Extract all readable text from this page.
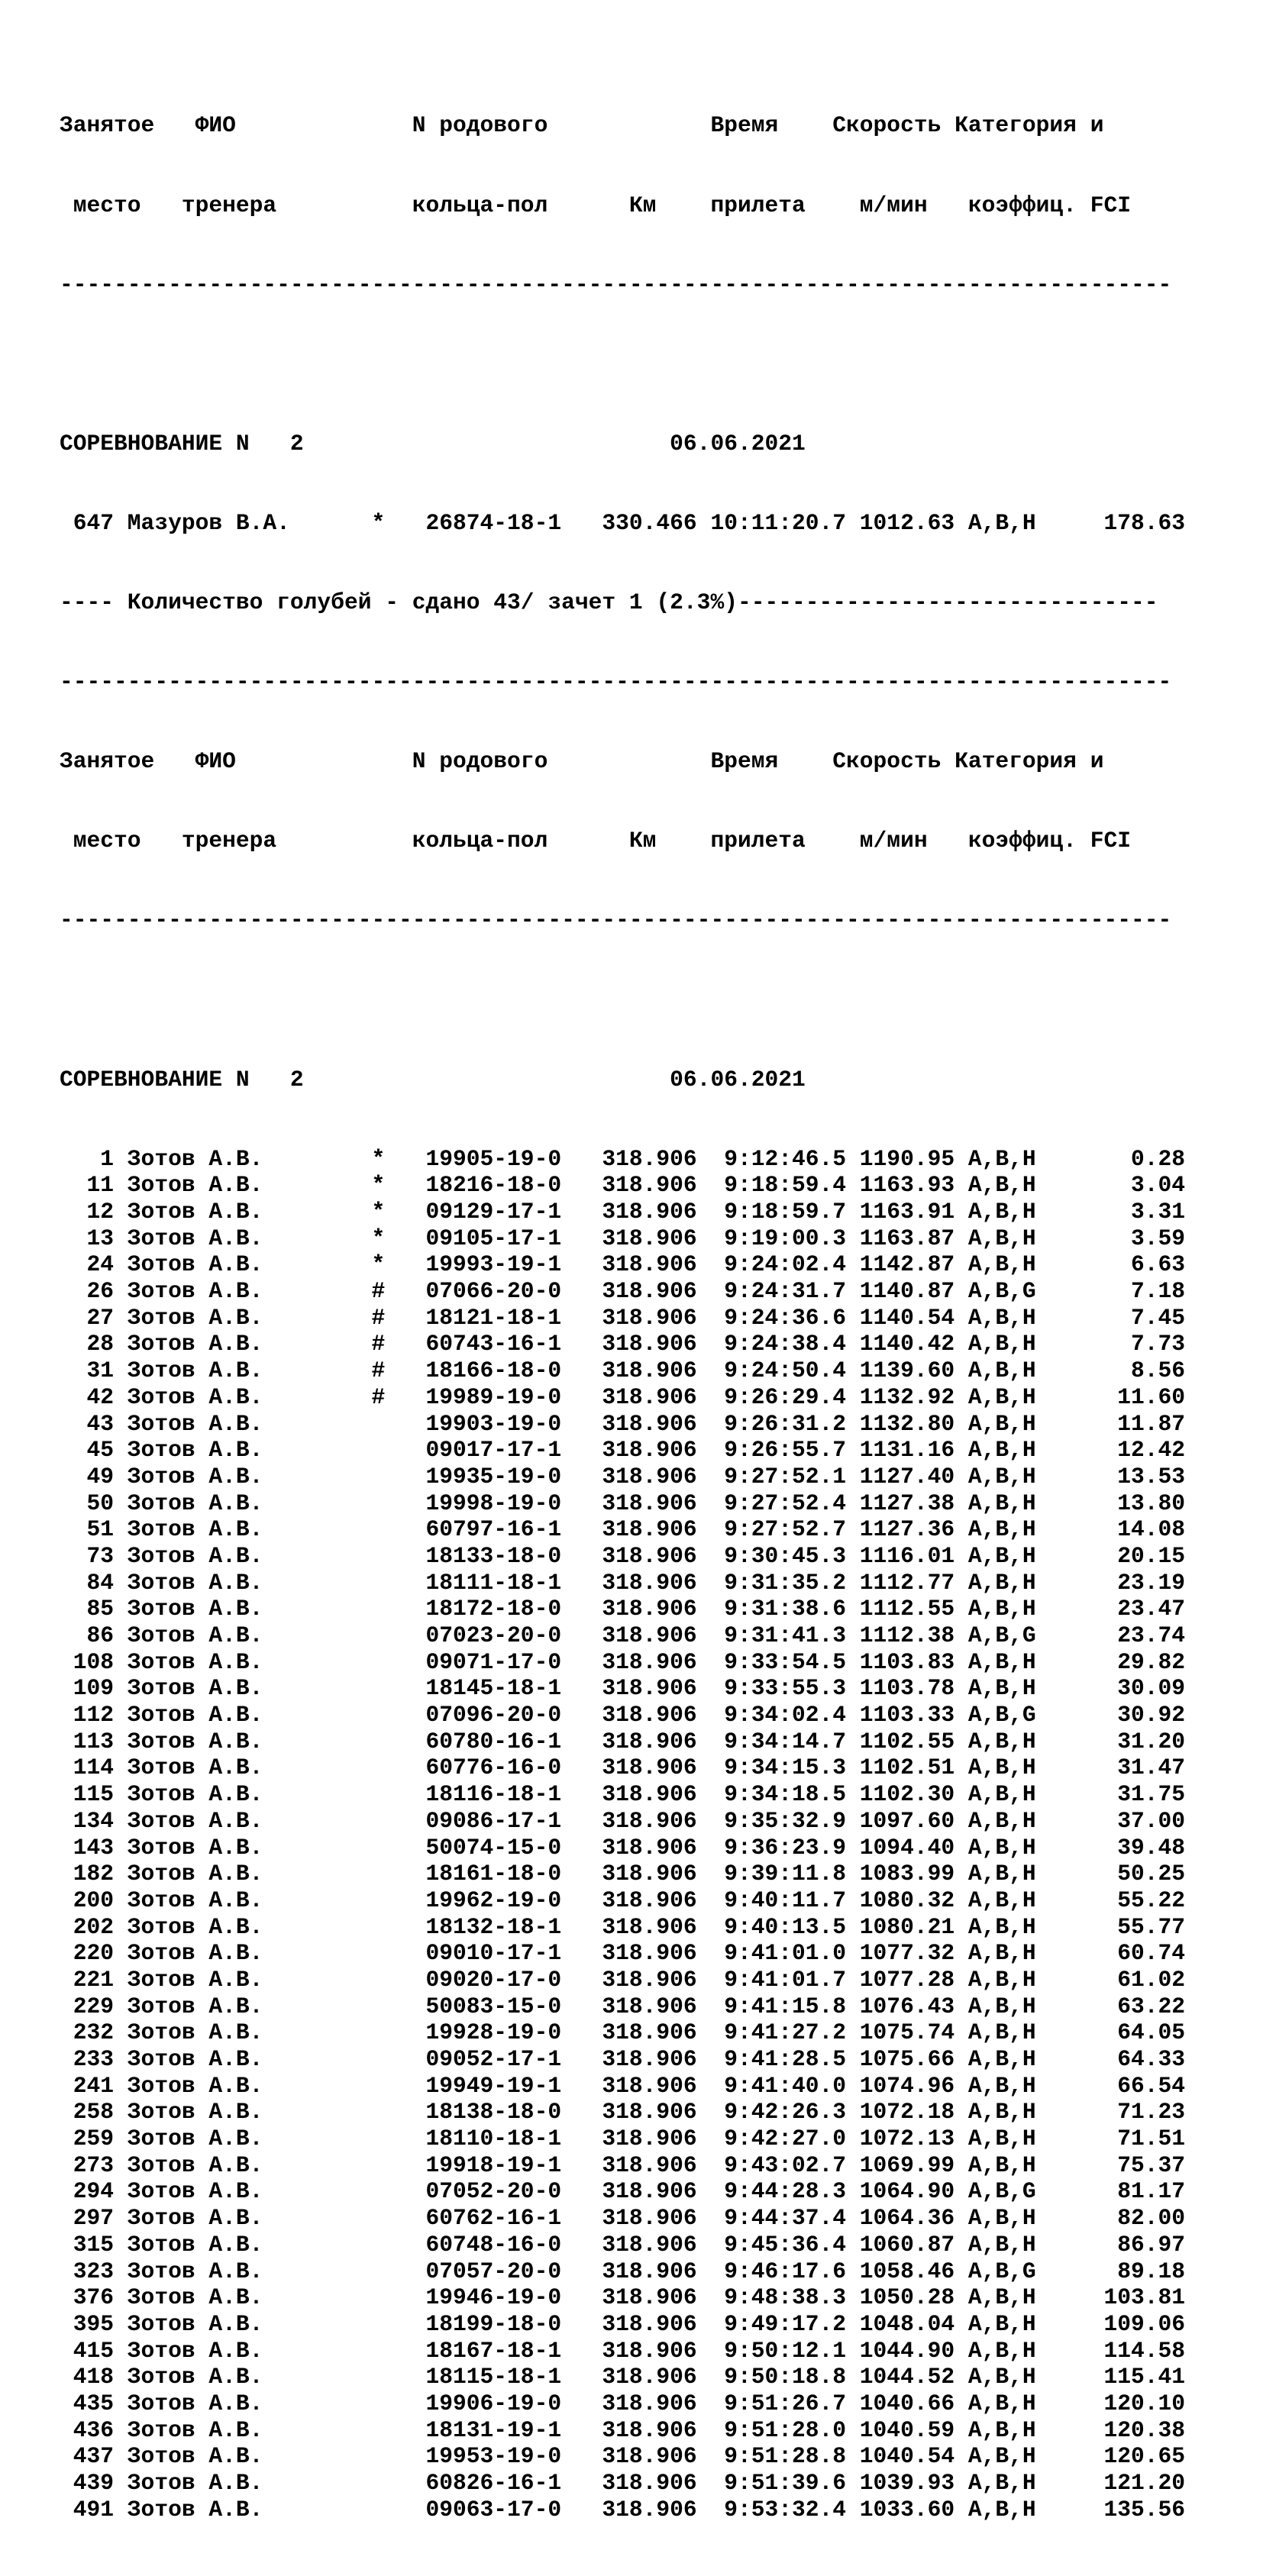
Занятое   ФИО             N родового            Время    Скорость Категория и

место   тренера          кольца-пол      Км    прилета    м/мин   коэффиц. FCI

----------------------------------------------------------------------------------

СОРЕВНОВАНИЕ N   2                           06.06.2021

647 Мазуров В.А.      *   26874-18-1   330.466 10:11:20.7 1012.63 A,B,H     178.63

---- Количество голубей - сдано 43/ зачет 1 (2.3%)-------------------------------

----------------------------------------------------------------------------------

Занятое   ФИО             N родового            Время    Скорость Категория и

место   тренера          кольца-пол      Км    прилета    м/мин   коэффиц. FCI

----------------------------------------------------------------------------------

СОРЕВНОВАНИЕ N   2                           06.06.2021

1 Зотов А.В.        *   19905-19-0   318.906  9:12:46.5 1190.95 A,B,H       0.28
11 Зотов А.В.        *   18216-18-0   318.906  9:18:59.4 1163.93 A,B,H       3.04
12 Зотов А.В.        *   09129-17-1   318.906  9:18:59.7 1163.91 A,B,H       3.31
13 Зотов А.В.        *   09105-17-1   318.906  9:19:00.3 1163.87 A,B,H       3.59
24 Зотов А.В.        *   19993-19-1   318.906  9:24:02.4 1142.87 A,B,H       6.63
26 Зотов А.В.        #   07066-20-0   318.906  9:24:31.7 1140.87 A,B,G       7.18
27 Зотов А.В.        #   18121-18-1   318.906  9:24:36.6 1140.54 A,B,H       7.45
28 Зотов А.В.        #   60743-16-1   318.906  9:24:38.4 1140.42 A,B,H       7.73
31 Зотов А.В.        #   18166-18-0   318.906  9:24:50.4 1139.60 A,B,H       8.56
42 Зотов А.В.        #   19989-19-0   318.906  9:26:29.4 1132.92 A,B,H      11.60
43 Зотов А.В.            19903-19-0   318.906  9:26:31.2 1132.80 A,B,H      11.87
45 Зотов А.В.            09017-17-1   318.906  9:26:55.7 1131.16 A,B,H      12.42
49 Зотов А.В.            19935-19-0   318.906  9:27:52.1 1127.40 A,B,H      13.53
50 Зотов А.В.            19998-19-0   318.906  9:27:52.4 1127.38 A,B,H      13.80
51 Зотов А.В.            60797-16-1   318.906  9:27:52.7 1127.36 A,B,H      14.08
73 Зотов А.В.            18133-18-0   318.906  9:30:45.3 1116.01 A,B,H      20.15
84 Зотов А.В.            18111-18-1   318.906  9:31:35.2 1112.77 A,B,H      23.19
85 Зотов А.В.            18172-18-0   318.906  9:31:38.6 1112.55 A,B,H      23.47
86 Зотов А.В.            07023-20-0   318.906  9:31:41.3 1112.38 A,B,G      23.74
108 Зотов А.В.            09071-17-0   318.906  9:33:54.5 1103.83 A,B,H      29.82
109 Зотов А.В.            18145-18-1   318.906  9:33:55.3 1103.78 A,B,H      30.09
112 Зотов А.В.            07096-20-0   318.906  9:34:02.4 1103.33 A,B,G      30.92
113 Зотов А.В.            60780-16-1   318.906  9:34:14.7 1102.55 A,B,H      31.20
114 Зотов А.В.            60776-16-0   318.906  9:34:15.3 1102.51 A,B,H      31.47
115 Зотов А.В.            18116-18-1   318.906  9:34:18.5 1102.30 A,B,H      31.75
134 Зотов А.В.            09086-17-1   318.906  9:35:32.9 1097.60 A,B,H      37.00
143 Зотов А.В.            50074-15-0   318.906  9:36:23.9 1094.40 A,B,H      39.48
182 Зотов А.В.            18161-18-0   318.906  9:39:11.8 1083.99 A,B,H      50.25
200 Зотов А.В.            19962-19-0   318.906  9:40:11.7 1080.32 A,B,H      55.22
202 Зотов А.В.            18132-18-1   318.906  9:40:13.5 1080.21 A,B,H      55.77
220 Зотов А.В.            09010-17-1   318.906  9:41:01.0 1077.32 A,B,H      60.74
221 Зотов А.В.            09020-17-0   318.906  9:41:01.7 1077.28 A,B,H      61.02
229 Зотов А.В.            50083-15-0   318.906  9:41:15.8 1076.43 A,B,H      63.22
232 Зотов А.В.            19928-19-0   318.906  9:41:27.2 1075.74 A,B,H      64.05
233 Зотов А.В.            09052-17-1   318.906  9:41:28.5 1075.66 A,B,H      64.33
241 Зотов А.В.            19949-19-1   318.906  9:41:40.0 1074.96 A,B,H      66.54
258 Зотов А.В.            18138-18-0   318.906  9:42:26.3 1072.18 A,B,H      71.23
259 Зотов А.В.            18110-18-1   318.906  9:42:27.0 1072.13 A,B,H      71.51
273 Зотов А.В.            19918-19-1   318.906  9:43:02.7 1069.99 A,B,H      75.37
294 Зотов А.В.            07052-20-0   318.906  9:44:28.3 1064.90 A,B,G      81.17
297 Зотов А.В.            60762-16-1   318.906  9:44:37.4 1064.36 A,B,H      82.00
315 Зотов А.В.            60748-16-0   318.906  9:45:36.4 1060.87 A,B,H      86.97
323 Зотов А.В.            07057-20-0   318.906  9:46:17.6 1058.46 A,B,G      89.18
376 Зотов А.В.            19946-19-0   318.906  9:48:38.3 1050.28 A,B,H     103.81
395 Зотов А.В.            18199-18-0   318.906  9:49:17.2 1048.04 A,B,H     109.06
415 Зотов А.В.            18167-18-1   318.906  9:50:12.1 1044.90 A,B,H     114.58
418 Зотов А.В.            18115-18-1   318.906  9:50:18.8 1044.52 A,B,H     115.41
435 Зотов А.В.            19906-19-0   318.906  9:51:26.7 1040.66 A,B,H     120.10
436 Зотов А.В.            18131-19-1   318.906  9:51:28.0 1040.59 A,B,H     120.38
437 Зотов А.В.            19953-19-0   318.906  9:51:28.8 1040.54 A,B,H     120.65
439 Зотов А.В.            60826-16-1   318.906  9:51:39.6 1039.93 A,B,H     121.20
491 Зотов А.В.            09063-17-0   318.906  9:53:32.4 1033.60 A,B,H     135.56
